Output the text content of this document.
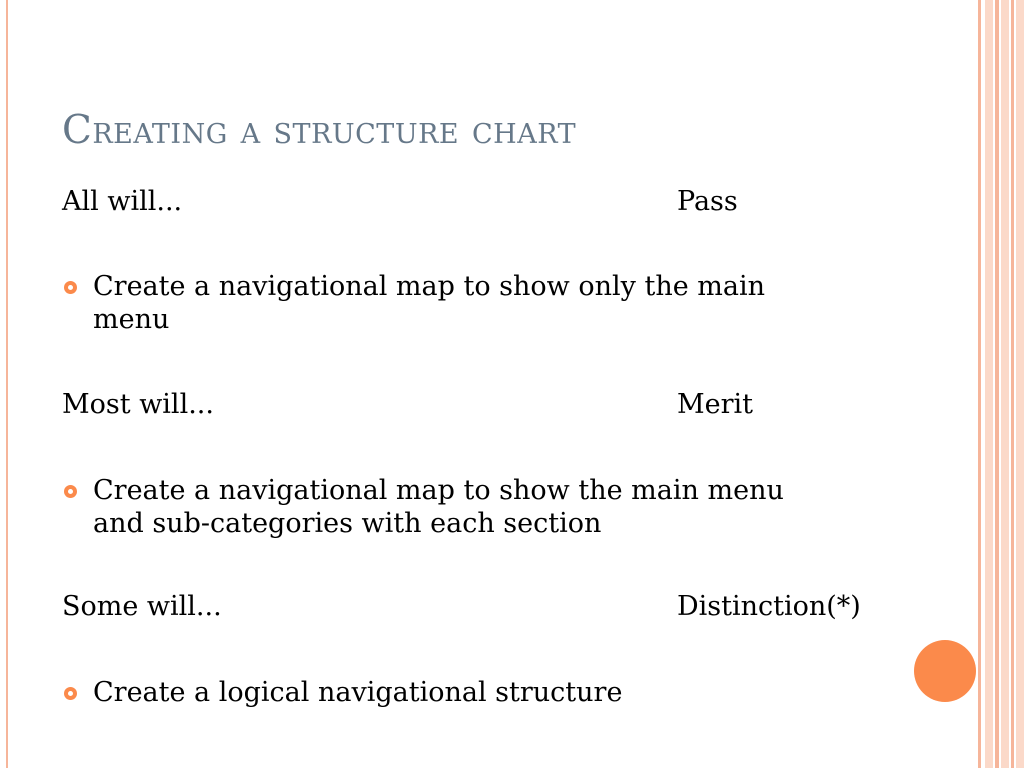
Creating a structure chart
All will...	Pass
Create a navigational map to show only the main menu
Most will...	Merit
Create a navigational map to show the main menu and sub-categories with each section
Some will...	Distinction(*)
Create a logical navigational structure
